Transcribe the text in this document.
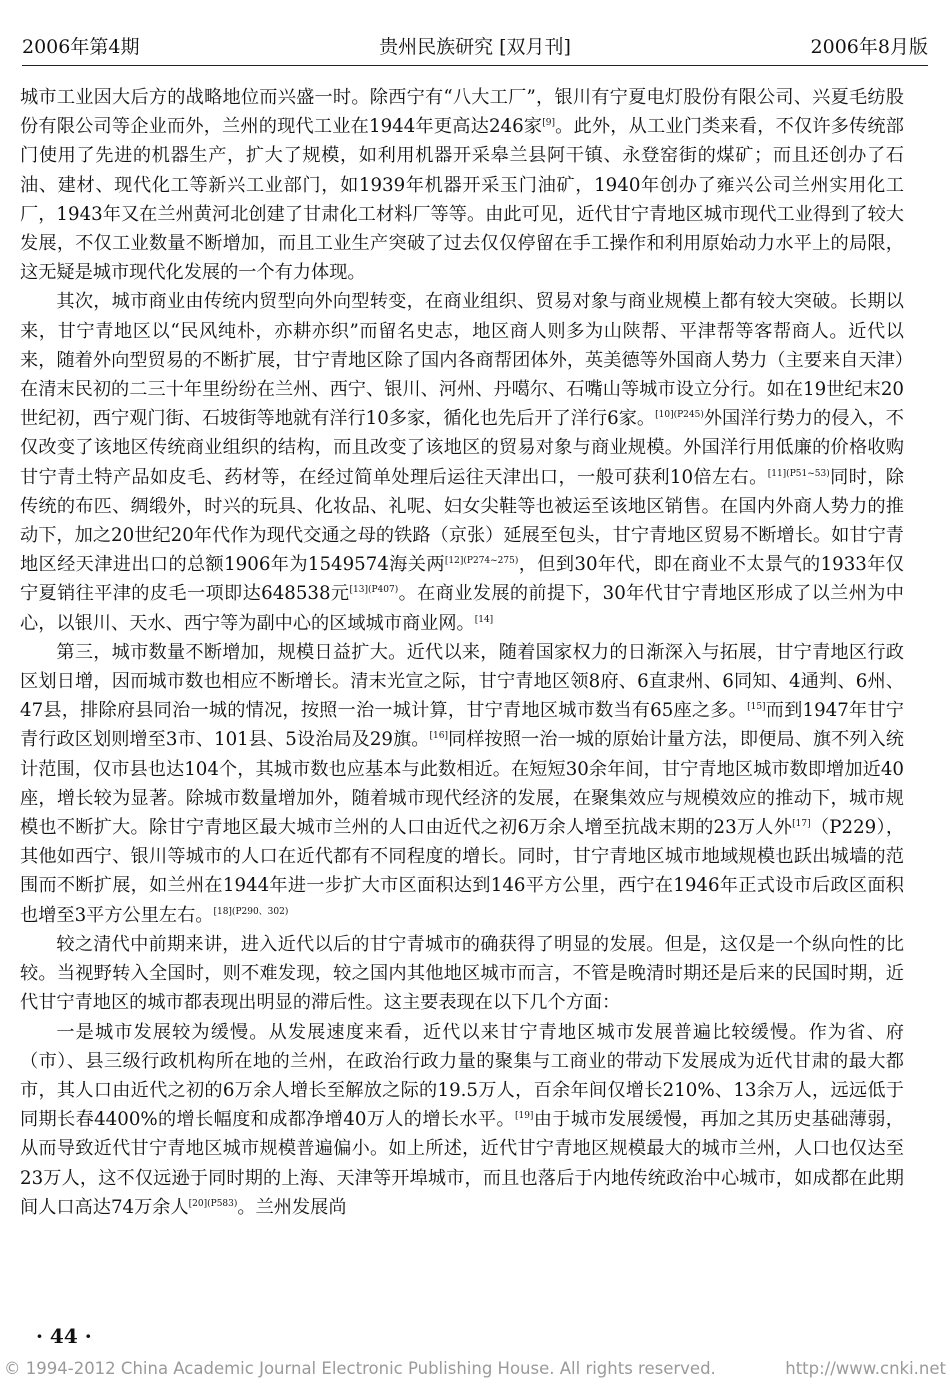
2006年第4期	贵州民族研究 [双月刊]	2006年8月版

城市工业因大后方的战略地位而兴盛一时。除西宁有“八大工厂”，银川有宁夏电灯股份有限公司、兴夏毛纺股份有限公司等企业而外，兰州的现代工业在1944年更高达246家[9]。此外，从工业门类来看，不仅许多传统部门使用了先进的机器生产，扩大了规模，如利用机器开采皋兰县阿干镇、永登窑街的煤矿；而且还创办了石油、建材、现代化工等新兴工业部门，如1939年机器开采玉门油矿，1940年创办了雍兴公司兰州实用化工厂，1943年又在兰州黄河北创建了甘肃化工材料厂等等。由此可见，近代甘宁青地区城市现代工业得到了较大发展，不仅工业数量不断增加，而且工业生产突破了过去仅仅停留在手工操作和利用原始动力水平上的局限，这无疑是城市现代化发展的一个有力体现。

其次，城市商业由传统内贸型向外向型转变，在商业组织、贸易对象与商业规模上都有较大突破。长期以来，甘宁青地区以“民风纯朴，亦耕亦织”而留名史志，地区商人则多为山陕帮、平津帮等客帮商人。近代以来，随着外向型贸易的不断扩展，甘宁青地区除了国内各商帮团体外，英美德等外国商人势力（主要来自天津）在清末民初的二三十年里纷纷在兰州、西宁、银川、河州、丹噶尔、石嘴山等城市设立分行。如在19世纪末20世纪初，西宁观门街、石坡街等地就有洋行10多家，循化也先后开了洋行6家。$^{[10](P245)}$外国洋行势力的侵入，不仅改变了该地区传统商业组织的结构，而且改变了该地区的贸易对象与商业规模。外国洋行用低廉的价格收购甘宁青土特产品如皮毛、药材等，在经过简单处理后运往天津出口，一般可获利10倍左右。$^{[11](P51\sim 53)}$同时，除传统的布匹、绸缎外，时兴的玩具、化妆品、礼呢、妇女尖鞋等也被运至该地区销售。在国内外商人势力的推动下，加之20世纪20年代作为现代交通之母的铁路（京张）延展至包头，甘宁青地区贸易不断增长。如甘宁青地区经天津进出口的总额1906年为1549574海关两$^{[12](P274\sim 275)}$，但到30年代，即在商业不太景气的1933年仅宁夏销往平津的皮毛一项即达648538元$^{[13](P407)}$。在商业发展的前提下，30年代甘宁青地区形成了以兰州为中心，以银川、天水、西宁等为副中心的区域城市商业网。[14]

第三，城市数量不断增加，规模日益扩大。近代以来，随着国家权力的日渐深入与拓展，甘宁青地区行政区划日增，因而城市数也相应不断增长。清末光宣之际，甘宁青地区领8府、6直隶州、6同知、4通判、6州、47县，排除府县同治一城的情况，按照一治一城计算，甘宁青地区城市数当有65座之多。[15]而到1947年甘宁青行政区划则增至3市、101县、5设治局及29旗。[16]同样按照一治一城的原始计量方法，即便局、旗不列入统计范围，仅市县也达104个，其城市数也应基本与此数相近。在短短30余年间，甘宁青地区城市数即增加近40座，增长较为显著。除城市数量增加外，随着城市现代经济的发展，在聚集效应与规模效应的推动下，城市规模也不断扩大。除甘宁青地区最大城市兰州的人口由近代之初6万余人增至抗战末期的23万人外[17]（P229），其他如西宁、银川等城市的人口在近代都有不同程度的增长。同时，甘宁青地区城市地域规模也跃出城墙的范围而不断扩展，如兰州在1944年进一步扩大市区面积达到146平方公里，西宁在1946年正式设市后政区面积也增至3平方公里左右。$^{[18](P290、302)}$

较之清代中前期来讲，进入近代以后的甘宁青城市的确获得了明显的发展。但是，这仅是一个纵向性的比较。当视野转入全国时，则不难发现，较之国内其他地区城市而言，不管是晚清时期还是后来的民国时期，近代甘宁青地区的城市都表现出明显的滞后性。这主要表现在以下几个方面：

一是城市发展较为缓慢。从发展速度来看，近代以来甘宁青地区城市发展普遍比较缓慢。作为省、府（市）、县三级行政机构所在地的兰州，在政治行政力量的聚集与工商业的带动下发展成为近代甘肃的最大都市，其人口由近代之初的6万余人增长至解放之际的19.5万人，百余年间仅增长210%、13余万人，远远低于同期长春4400%的增长幅度和成都净增40万人的增长水平。[19]由于城市发展缓慢，再加之其历史基础薄弱，从而导致近代甘宁青地区城市规模普遍偏小。如上所述，近代甘宁青地区规模最大的城市兰州，人口也仅达至23万人，这不仅远逊于同时期的上海、天津等开埠城市，而且也落后于内地传统政治中心城市，如成都在此期间人口高达74万余人$^{[20](P583)}$。兰州发展尚

· 44 ·
© 1994-2012 China Academic Journal Electronic Publishing House. All rights reserved.	http://www.cnki.net
